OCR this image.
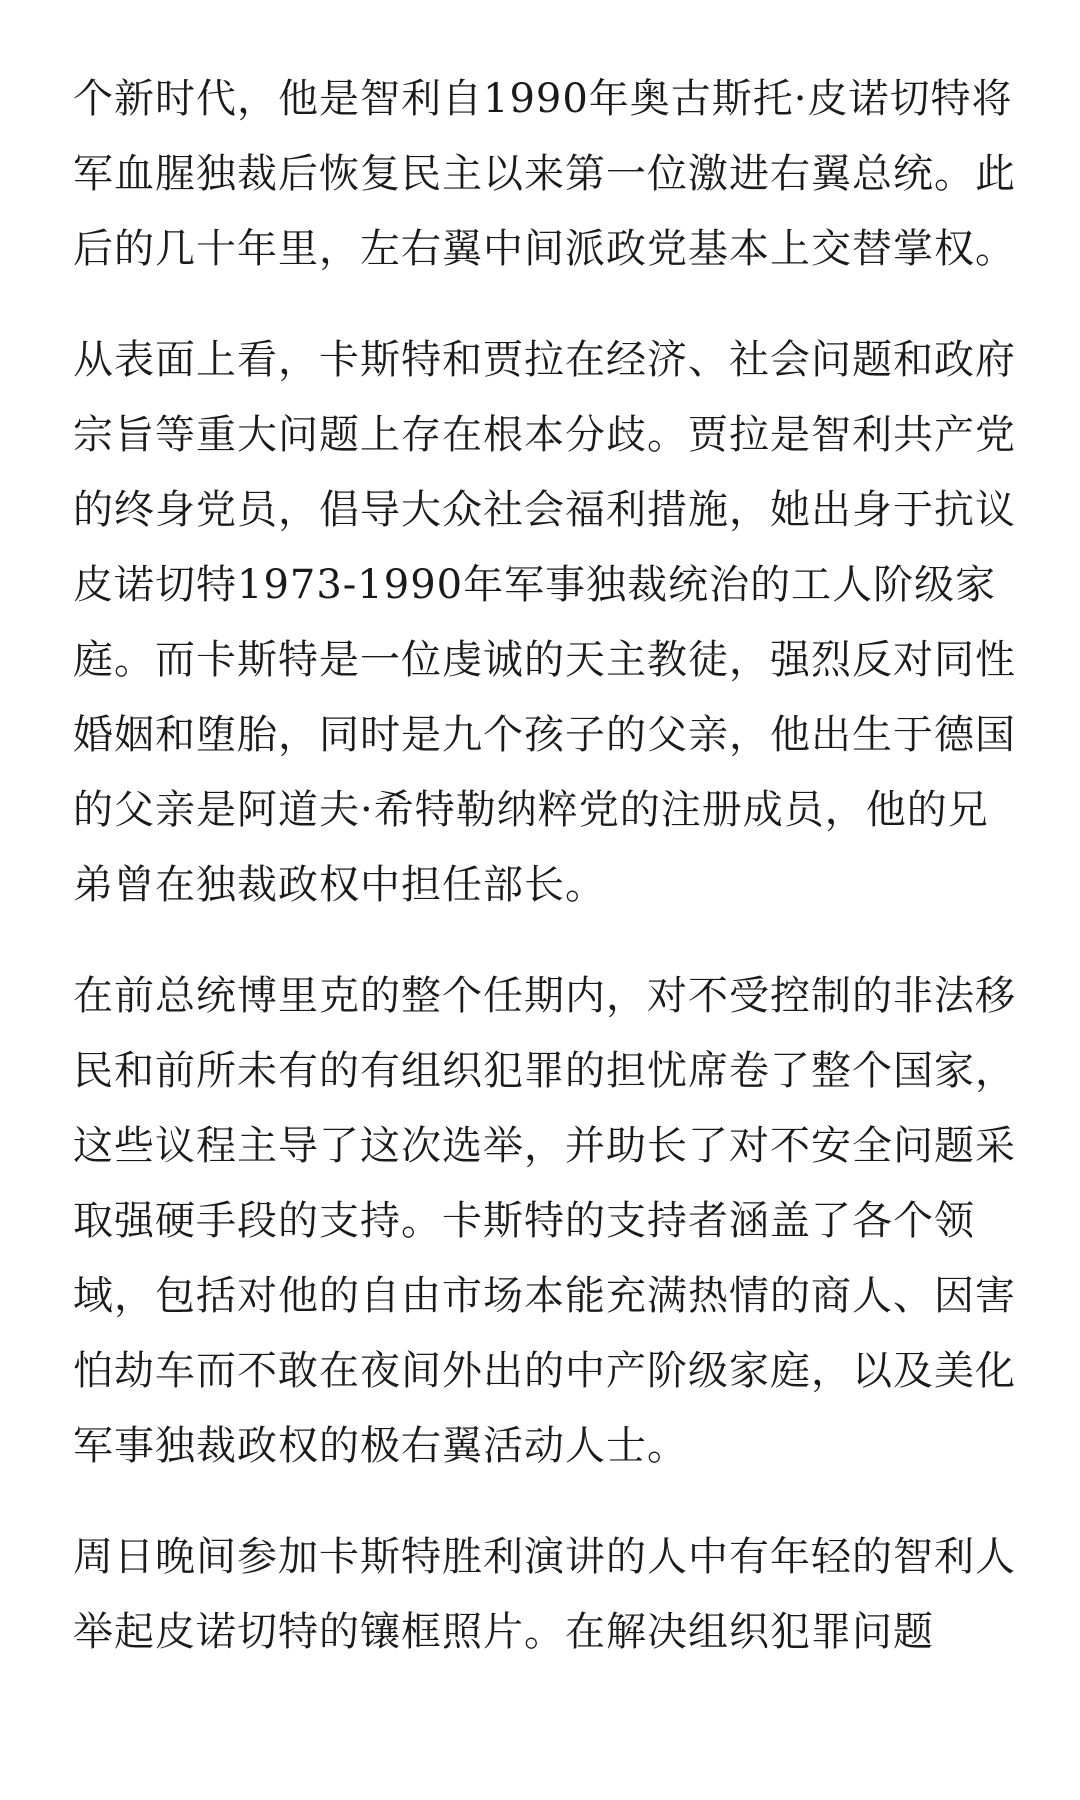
个新时代，他是智利自1990年奥古斯托·皮诺切特将军血腥独裁后恢复民主以来第一位激进右翼总统。此后的几十年里，左右翼中间派政党基本上交替掌权。

从表面上看，卡斯特和贾拉在经济、社会问题和政府宗旨等重大问题上存在根本分歧。贾拉是智利共产党的终身党员，倡导大众社会福利措施，她出身于抗议皮诺切特1973-1990年军事独裁统治的工人阶级家庭。而卡斯特是一位虔诚的天主教徒，强烈反对同性婚姻和堕胎，同时是九个孩子的父亲，他出生于德国的父亲是阿道夫·希特勒纳粹党的注册成员，他的兄弟曾在独裁政权中担任部长。

在前总统博里克的整个任期内，对不受控制的非法移民和前所未有的有组织犯罪的担忧席卷了整个国家，这些议程主导了这次选举，并助长了对不安全问题采取强硬手段的支持。卡斯特的支持者涵盖了各个领域，包括对他的自由市场本能充满热情的商人、因害怕劫车而不敢在夜间外出的中产阶级家庭，以及美化军事独裁政权的极右翼活动人士。

周日晚间参加卡斯特胜利演讲的人中有年轻的智利人举起皮诺切特的镶框照片。在解决组织犯罪问题
